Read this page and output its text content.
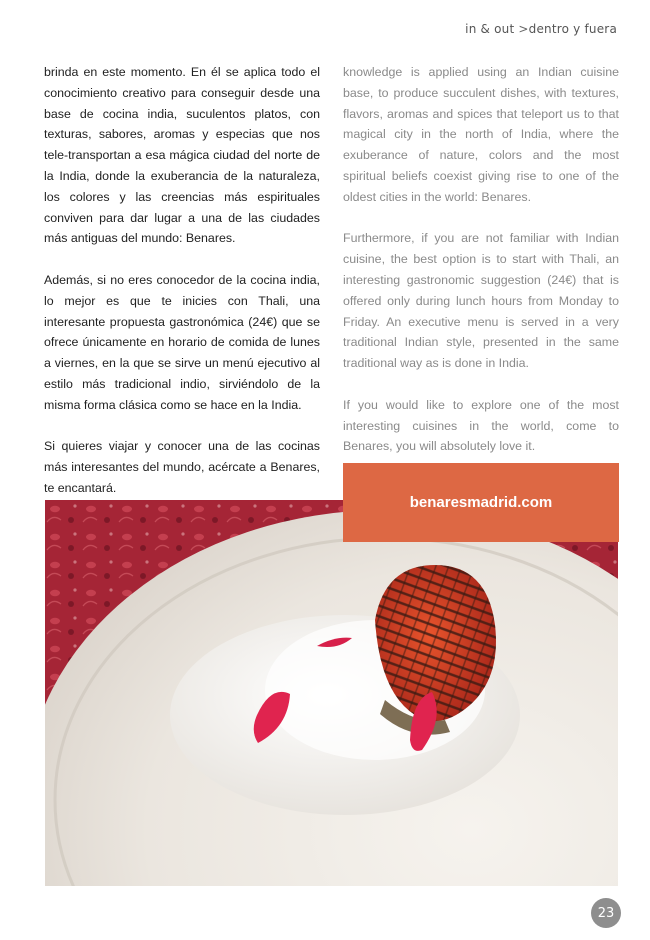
in & out >dentro y fuera

brinda en este momento. En él se aplica todo el conocimiento creativo para conseguir desde una base de cocina india, suculentos platos, con texturas, sabores, aromas y especias que nos tele-transportan a esa mágica ciudad del norte de la India, donde la exuberancia de la naturaleza, los colores y las creencias más espirituales conviven para dar lugar a una de las ciudades más antiguas del mundo: Benares.

Además, si no eres conocedor de la cocina india, lo mejor es que te inicies con Thali, una interesante propuesta gastronómica (24€) que se ofrece únicamente en horario de comida de lunes a viernes, en la que se sirve un menú ejecutivo al estilo más tradicional indio, sirviéndolo de la misma forma clásica como se hace en la India.

Si quieres viajar y conocer una de las cocinas más interesantes del mundo, acércate a Benares, te encantará.

knowledge is applied using an Indian cuisine base, to produce succulent dishes, with textures, flavors, aromas and spices that teleport us to that magical city in the north of India, where the exuberance of nature, colors and the most spiritual beliefs coexist giving rise to one of the oldest cities in the world: Benares.

Furthermore, if you are not familiar with Indian cuisine, the best option is to start with Thali, an interesting gastronomic suggestion (24€) that is offered only during lunch hours from Monday to Friday. An executive menu is served in a very traditional Indian style, presented in the same traditional way as is done in India.

If you would like to explore one of the most interesting cuisines in the world, come to Benares, you will absolutely love it.

benaresmadrid.com
23
